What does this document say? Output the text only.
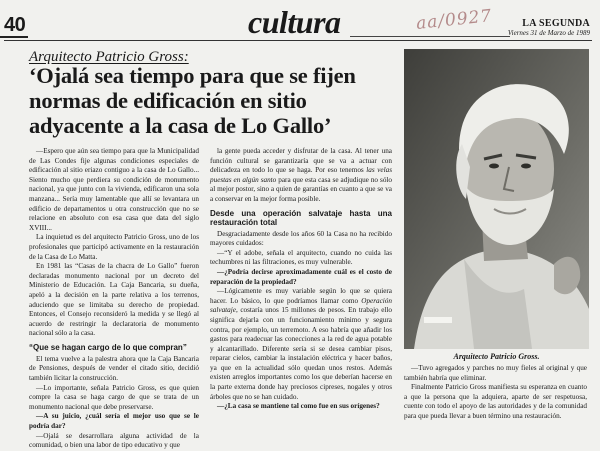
40	cultura	aa/0927	LA SEGUNDA
Viernes 31 de Marzo de 1989
Arquitecto Patricio Gross:
‘Ojalá sea tiempo para que se fijen normas de edificación en sitio adyacente a la casa de Lo Gallo’

—Espero que aún sea tiempo para que la Municipalidad de Las Condes fije algunas condiciones especiales de edificación al sitio eriazo contiguo a la casa de Lo Gallo... Siento mucho que perdiera su condición de monumento nacional, ya que junto con la vivienda, edificaron una sola manzana... Sería muy lamentable que allí se levantara un edificio de departamentos u otra construcción que no se relacione en absoluto con esa casa que data del siglo XVIII...

La inquietud es del arquitecto Patricio Gross, uno de los profesionales que participó activamente en la restauración de la Casa de Lo Matta.

En 1981 las “Casas de la chacra de Lo Gallo” fueron declaradas monumento nacional por un decreto del Ministerio de Educación. La Caja Bancaria, su dueña, apeló a la decisión en la parte relativa a los terrenos, aduciendo que se limitaba su derecho de propiedad. Entonces, el Consejo reconsideró la medida y se llegó al acuerdo de restringir la declaratoria de monumento nacional sólo a la casa.

“Que se hagan cargo de lo que compran”

El tema vuelve a la palestra ahora que la Caja Bancaria de Pensiones, después de vender el citado sitio, decidió también licitar la construcción.

—Lo importante, señala Patricio Gross, es que quien compre la casa se haga cargo de que se trata de un monumento nacional que debe preservarse.

—A su juicio, ¿cuál sería el mejor uso que se le podría dar?

—Ojalá se desarrollara alguna actividad de la comunidad, o bien una labor de tipo educativo y que

la gente pueda acceder y disfrutar de la casa. Al tener una función cultural se garantizaría que se va a actuar con delicadeza en todo lo que se haga. Por eso tenemos las velas puestas en algún santo para que esta casa se adjudique no sólo al mejor postor, sino a quien de garantías en cuanto a que se va a conservar en la mejor forma posible.

Desde una operación salvataje hasta una restauración total

Desgraciadamente desde los años 60 la Casa no ha recibido mayores cuidados:

—“Y el adobe, señala el arquitecto, cuando no cuida las techumbres ni las filtraciones, es muy vulnerable.

—¿Podría decirse aproximadamente cuál es el costo de reparación de la propiedad?

—Lógicamente es muy variable según lo que se quiera hacer. Lo básico, lo que podríamos llamar como Operación salvataje, costaría unos 15 millones de pesos. En trabajo ello significa dejarla con un funcionamiento mínimo y segura contra, por ejemplo, un terremoto. A eso habría que añadir los gastos para readecuar las conecciones a la red de agua potable y alcantarillado. Diferente sería si se desea cambiar pisos, reparar cielos, cambiar la instalación eléctrica y hacer baños, ya que en la actualidad sólo quedan unos restos. Además existen arreglos importantes como los que deberían hacerse en la parte externa donde hay preciosos cipreses, nogales y otros árboles que no se han cuidado.

—¿La casa se mantiene tal como fue en sus orígenes?

Arquitecto Patricio Gross.

—Tuvo agregados y parches no muy fieles al original y que también habría que eliminar.

Finalmente Patricio Gross manifiesta su esperanza en cuanto a que la persona que la adquiera, aparte de ser respetuosa, cuente con todo el apoyo de las autoridades y de la comunidad para que pueda llevar a buen término una restauración.
